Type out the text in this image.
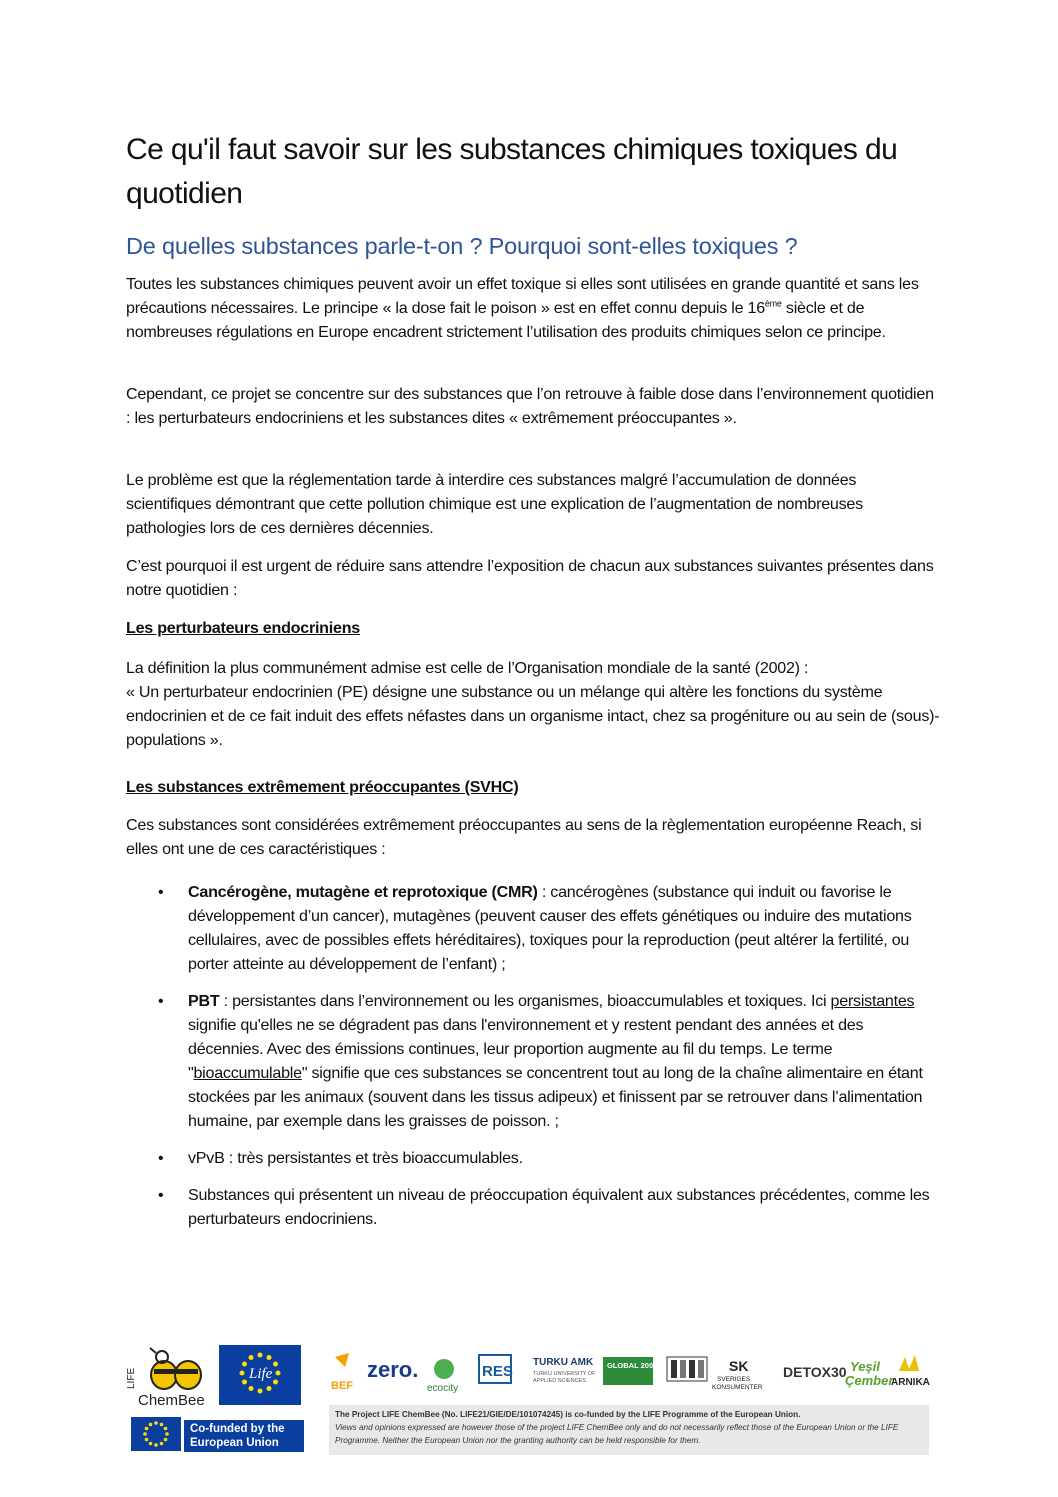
Ce qu'il faut savoir sur les substances chimiques toxiques du quotidien
De quelles substances parle-t-on ? Pourquoi sont-elles toxiques ?

Toutes les substances chimiques peuvent avoir un effet toxique si elles sont utilisées en grande quantité et sans les précautions nécessaires. Le principe « la dose fait le poison » est en effet connu depuis le 16ème siècle et de nombreuses régulations en Europe encadrent strictement l’utilisation des produits chimiques selon ce principe.

Cependant, ce projet se concentre sur des substances que l’on retrouve à faible dose dans l’environnement quotidien : les perturbateurs endocriniens et les substances dites « extrêmement préoccupantes ».

Le problème est que la réglementation tarde à interdire ces substances malgré l’accumulation de données scientifiques démontrant que cette pollution chimique est une explication de l’augmentation de nombreuses pathologies lors de ces dernières décennies.

C’est pourquoi il est urgent de réduire sans attendre l’exposition de chacun aux substances suivantes présentes dans notre quotidien :

Les perturbateurs endocriniens

La définition la plus communément admise est celle de l’Organisation mondiale de la santé (2002) :
« Un perturbateur endocrinien (PE) désigne une substance ou un mélange qui altère les fonctions du système endocrinien et de ce fait induit des effets néfastes dans un organisme intact, chez sa progéniture ou au sein de (sous)-populations ».

Les substances extrêmement préoccupantes (SVHC)

Ces substances sont considérées extrêmement préoccupantes au sens de la règlementation européenne Reach, si elles ont une de ces caractéristiques :

• Cancérogène, mutagène et reprotoxique (CMR) : cancérogènes (substance qui induit ou favorise le développement d’un cancer), mutagènes (peuvent causer des effets génétiques ou induire des mutations cellulaires, avec de possibles effets héréditaires), toxiques pour la reproduction (peut altérer la fertilité, ou porter atteinte au développement de l’enfant) ;
• PBT : persistantes dans l’environnement ou les organismes, bioaccumulables et toxiques. Ici persistantes signifie qu'elles ne se dégradent pas dans l'environnement et y restent pendant des années et des décennies. Avec des émissions continues, leur proportion augmente au fil du temps. Le terme "bioaccumulable" signifie que ces substances se concentrent tout au long de la chaîne alimentaire en étant stockées par les animaux (souvent dans les tissus adipeux) et finissent par se retrouver dans l’alimentation humaine, par exemple dans les graisses de poisson. ;
• vPvB : très persistantes et très bioaccumulables.
• Substances qui présentent un niveau de préoccupation équivalent aux substances précédentes, comme les perturbateurs endocriniens.
LIFE
ChemBee
Life
Co-funded by the European Union
BEF
zero.
ecocity
RES
TURKU AMK
TURKU UNIVERSITY OF
APPLIED SCIENCES
GLOBAL 2000	SK
SVERIGES
KONSUMENTER
DETOX30 Yeşil
Çember
ARNIKA
The Project LIFE ChemBee (No. LIFE21/GIE/DE/101074245) is co-funded by the LIFE Programme of the European Union.
Views and opinions expressed are however those of the project LIFE ChemBee only and do not necessarily reflect those of the European Union or the LIFE Programme. Neither the European Union nor the granting authority can be held responsible for them.
